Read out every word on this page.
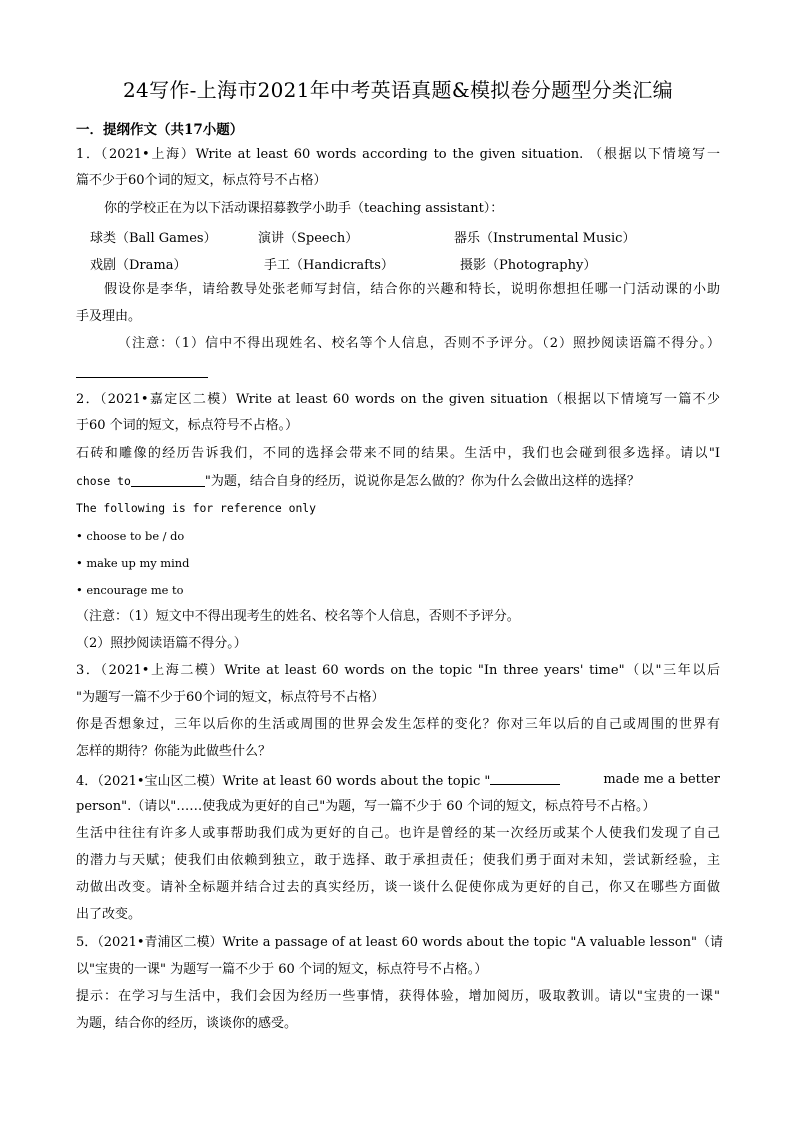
24写作-上海市2021年中考英语真题&模拟卷分题型分类汇编
一．提纲作文（共17小题）
1．（2021•上海）Write at least 60 words according to the given situation. （根据以下情境写一
篇不少于60个词的短文，标点符号不占格）
你的学校正在为以下活动课招募教学小助手（teaching assistant）：
球类（Ball Games）	演讲（Speech）	器乐（Instrumental Music）
戏剧（Drama）	手工（Handicrafts）	摄影（Photography）
假设你是李华，请给教导处张老师写封信，结合你的兴趣和特长，说明你想担任哪一门活动课的小助
手及理由。
（注意：（1）信中不得出现姓名、校名等个人信息，否则不予评分。（2）照抄阅读语篇不得分。）
2．（2021•嘉定区二模）Write at least 60 words on the given situation（根据以下情境写一篇不少
于60 个词的短文，标点符号不占格。）
石砖和雕像的经历告诉我们，不同的选择会带来不同的结果。生活中，我们也会碰到很多选择。请以"I
chose to	"为题，结合自身的经历，说说你是怎么做的？你为什么会做出这样的选择？
The following is for reference only
• choose to be / do
• make up my mind
• encourage me to
（注意：（1）短文中不得出现考生的姓名、校名等个人信息，否则不予评分。
（2）照抄阅读语篇不得分。）
3．（2021•上海二模）Write at least 60 words on the topic "In three years' time"（以"三年以后
"为题写一篇不少于60个词的短文，标点符号不占格）
你是否想象过，三年以后你的生活或周围的世界会发生怎样的变化？你对三年以后的自己或周围的世界有
怎样的期待？你能为此做些什么？
4．（2021•宝山区二模）Write at least 60 words about the topic "	made me a better
person".（请以"……使我成为更好的自己"为题，写一篇不少于 60 个词的短文，标点符号不占格。）
生活中往往有许多人或事帮助我们成为更好的自己。也许是曾经的某一次经历或某个人使我们发现了自己
的潜力与天赋；使我们由依赖到独立，敢于选择、敢于承担责任；使我们勇于面对未知，尝试新经验，主
动做出改变。请补全标题并结合过去的真实经历，谈一谈什么促使你成为更好的自己，你又在哪些方面做
出了改变。
5．（2021•青浦区二模）Write a passage of at least 60 words about the topic "A valuable lesson"（请
以"宝贵的一课" 为题写一篇不少于 60 个词的短文，标点符号不占格。）
提示：在学习与生活中，我们会因为经历一些事情，获得体验，增加阅历，吸取教训。请以"宝贵的一课"
为题，结合你的经历，谈谈你的感受。
